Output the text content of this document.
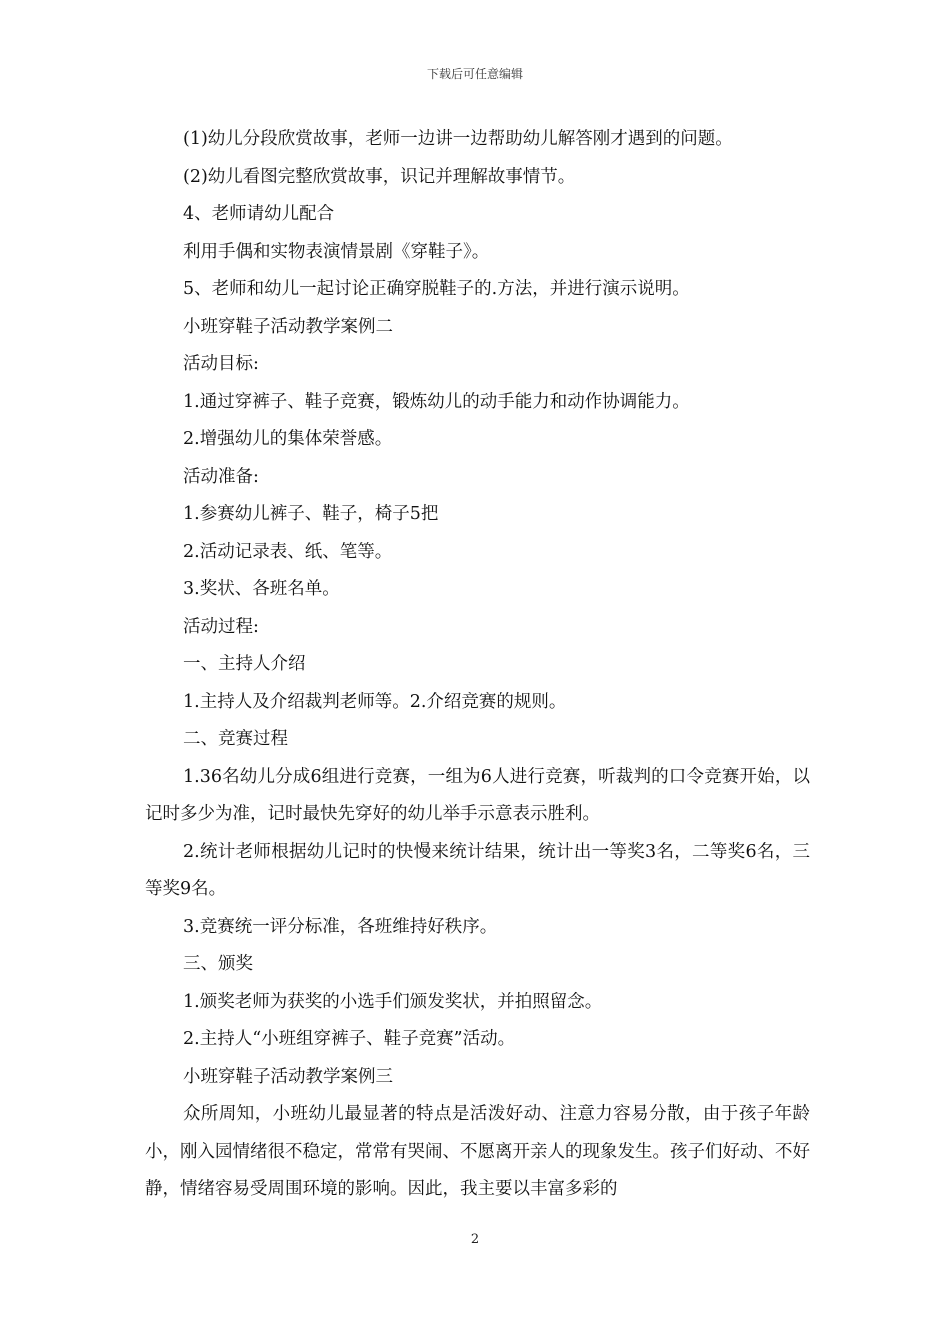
下载后可任意编辑

(1)幼儿分段欣赏故事，老师一边讲一边帮助幼儿解答刚才遇到的问题。

(2)幼儿看图完整欣赏故事，识记并理解故事情节。

4、老师请幼儿配合

利用手偶和实物表演情景剧《穿鞋子》。

5、老师和幼儿一起讨论正确穿脱鞋子的.方法，并进行演示说明。

小班穿鞋子活动教学案例二

活动目标:

1.通过穿裤子、鞋子竞赛，锻炼幼儿的动手能力和动作协调能力。

2.增强幼儿的集体荣誉感。

活动准备:

1.参赛幼儿裤子、鞋子，椅子5把

2.活动记录表、纸、笔等。

3.奖状、各班名单。

活动过程:

一、主持人介绍

1.主持人及介绍裁判老师等。2.介绍竞赛的规则。

二、竞赛过程

1.36名幼儿分成6组进行竞赛，一组为6人进行竞赛，听裁判的口令竞赛开始，以记时多少为准，记时最快先穿好的幼儿举手示意表示胜利。

2.统计老师根据幼儿记时的快慢来统计结果，统计出一等奖3名，二等奖6名，三等奖9名。

3.竞赛统一评分标准，各班维持好秩序。

三、颁奖

1.颁奖老师为获奖的小选手们颁发奖状，并拍照留念。

2.主持人“小班组穿裤子、鞋子竞赛”活动。

小班穿鞋子活动教学案例三

众所周知，小班幼儿最显著的特点是活泼好动、注意力容易分散，由于孩子年龄小，刚入园情绪很不稳定，常常有哭闹、不愿离开亲人的现象发生。孩子们好动、不好静，情绪容易受周围环境的影响。因此，我主要以丰富多彩的

2
